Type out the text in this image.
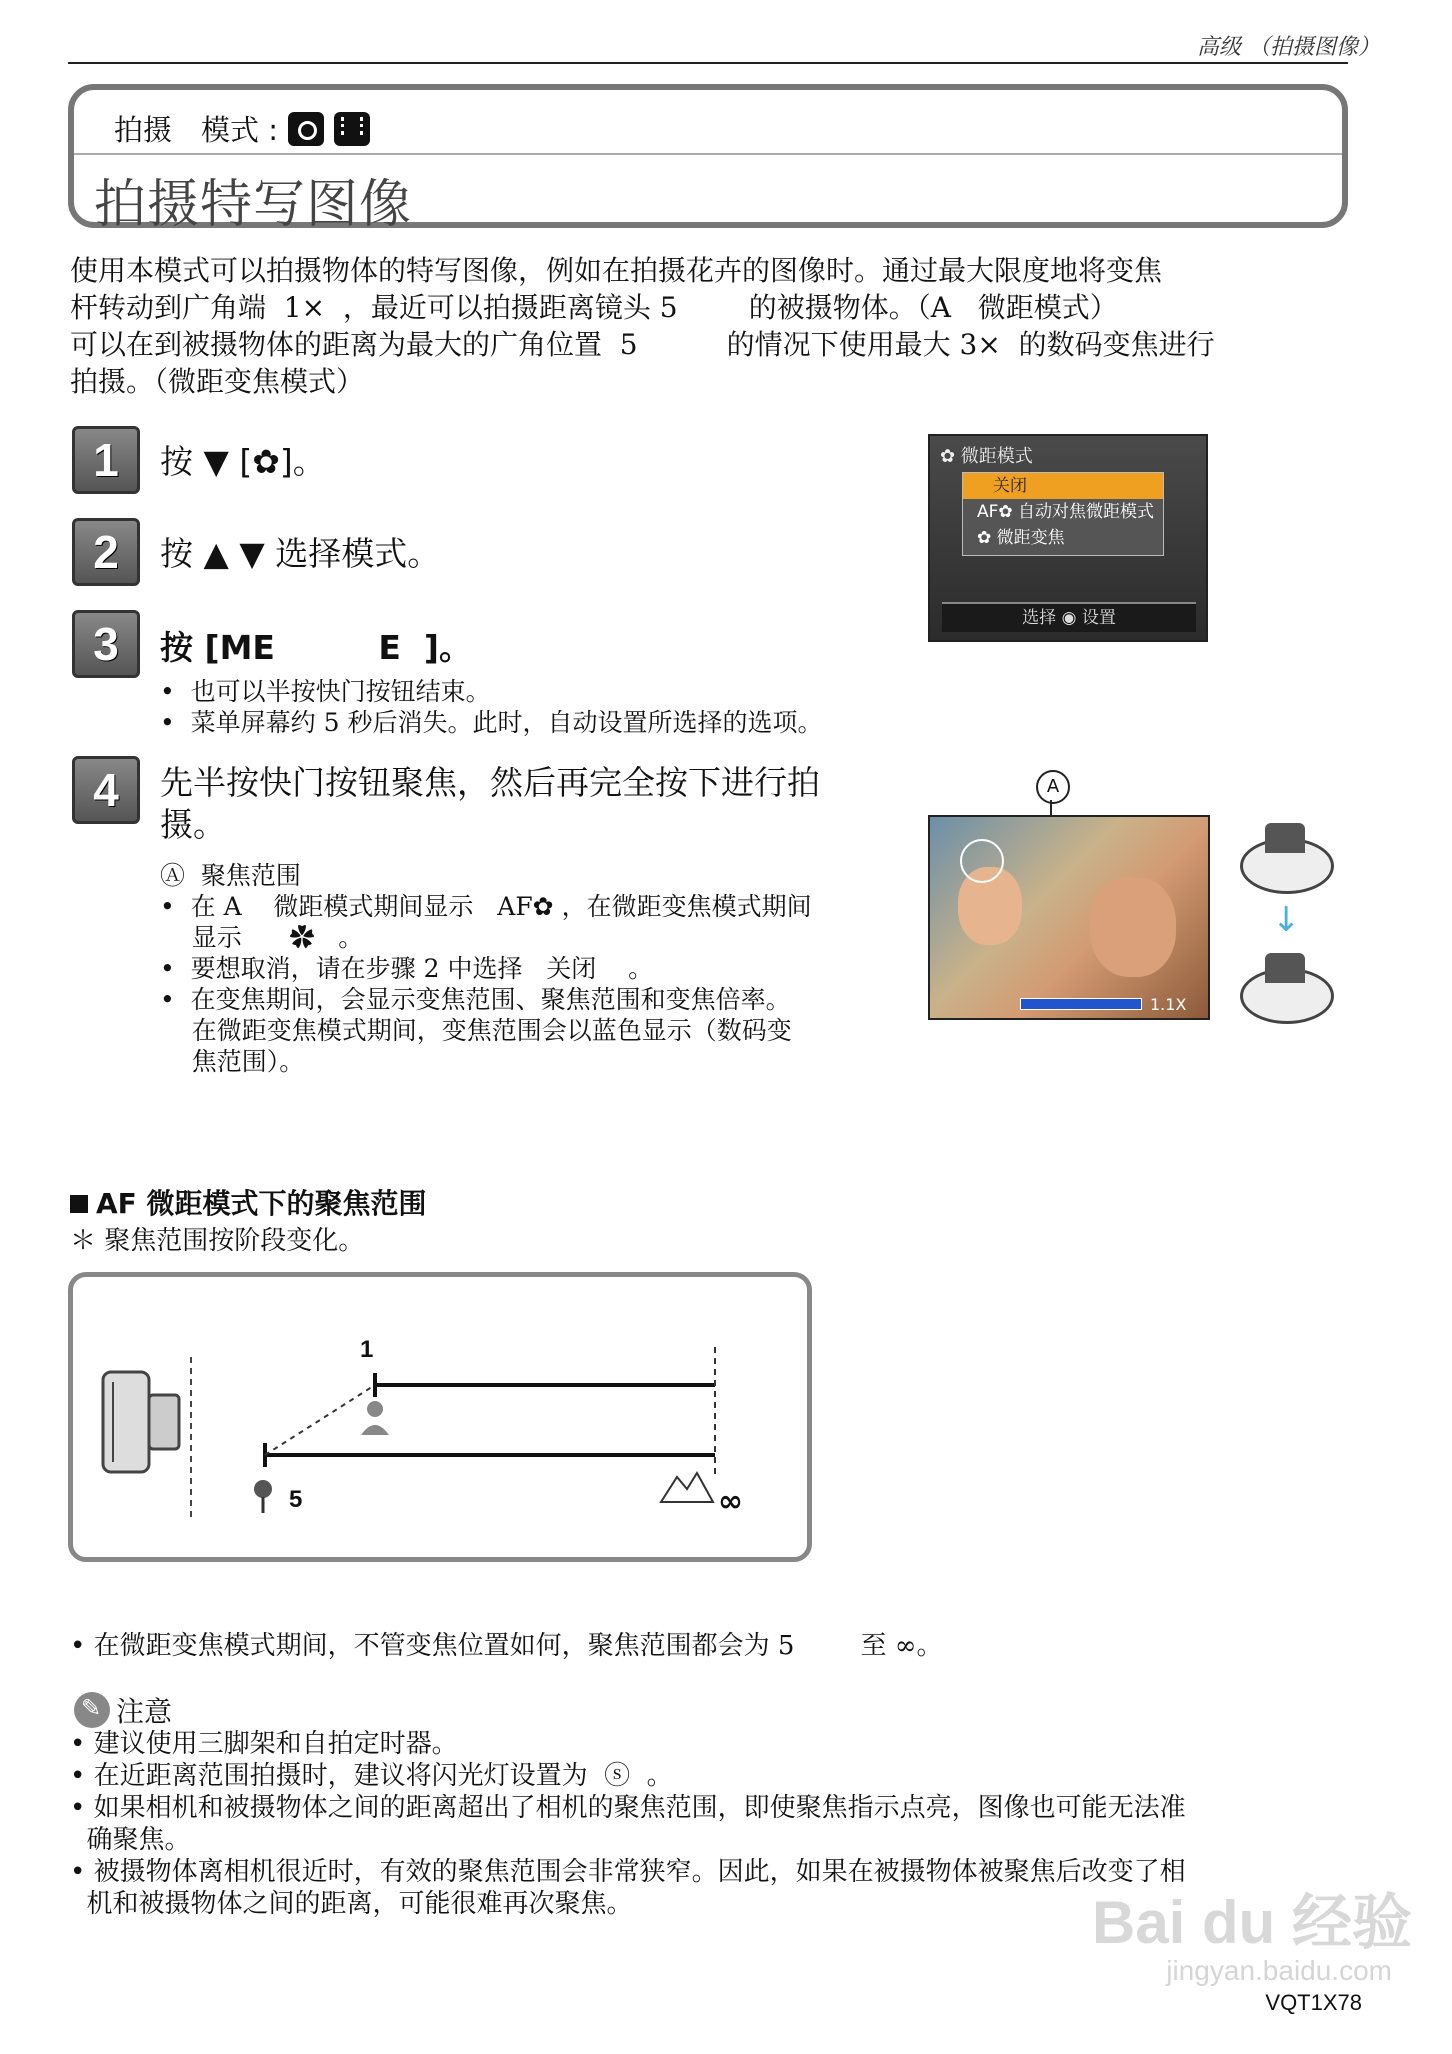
高级 （拍摄图像）
拍摄　模式 :
拍摄特写图像
使用本模式可以拍摄物体的特写图像，例如在拍摄花卉的图像时。通过最大限度地将变焦
杆转动到广角端  1×  ，最近可以拍摄距离镜头 5        的被摄物体。（A   微距模式）
可以在到被摄物体的距离为最大的广角位置  5          的情况下使用最大 3×  的数码变焦进行
拍摄。（微距变焦模式）
1	按 ▼ [✿]。
2	按 ▲ ▼ 选择模式。
3	按 [ME         E  ]。
•  也可以半按快门按钮结束。
•  菜单屏幕约 5 秒后消失。此时，自动设置所选择的选项。
4	先半按快门按钮聚焦，然后再完全按下进行拍
摄。
Ⓐ  聚焦范围
•  在 A    微距模式期间显示   AF✿ ，在微距变焦模式期间
显示      ✿   。
•  要想取消，请在步骤 2 中选择   关闭    。
•  在变焦期间，会显示变焦范围、聚焦范围和变焦倍率。
在微距变焦模式期间，变焦范围会以蓝色显示（数码变
焦范围）。
✿ 微距模式
关闭
AF✿ 自动对焦微距模式
✿ 微距变焦
选择 ◉ 设置
A
1.1X
↓
AF 微距模式下的聚焦范围
＊ 聚焦范围按阶段变化。
1
5	∞
• 在微距变焦模式期间，不管变焦位置如何，聚焦范围都会为 5        至 ∞。
✎
注意
• 建议使用三脚架和自拍定时器。
• 在近距离范围拍摄时，建议将闪光灯设置为  ⓢ  。
• 如果相机和被摄物体之间的距离超出了相机的聚焦范围，即使聚焦指示点亮，图像也可能无法准
确聚焦。
• 被摄物体离相机很近时，有效的聚焦范围会非常狭窄。因此，如果在被摄物体被聚焦后改变了相
机和被摄物体之间的距离，可能很难再次聚焦。	Bai du 经验
jingyan.baidu.com
VQT1X78
